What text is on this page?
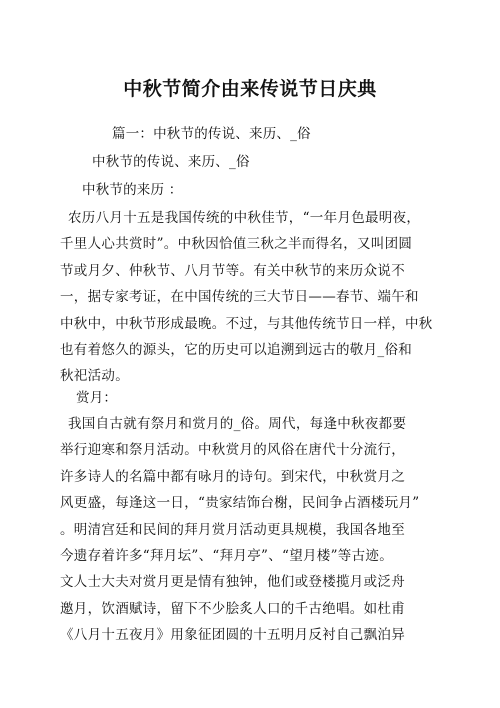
中秋节简介由来传说节日庆典
篇一：中秋节的传说、来历、_俗
中秋节的传说、来历、_俗
中秋节的来历 ：
农历八月十五是我国传统的中秋佳节，“一年月色最明夜，
千里人心共赏时”。中秋因恰值三秋之半而得名，又叫团圆
节或月夕、仲秋节、八月节等。有关中秋节的来历众说不
一，据专家考证，在中国传统的三大节日——春节、端午和
中秋中，中秋节形成最晚。不过，与其他传统节日一样，中秋
也有着悠久的源头，它的历史可以追溯到远古的敬月_俗和
秋祀活动。
赏月：
我国自古就有祭月和赏月的_俗。周代，每逢中秋夜都要
举行迎寒和祭月活动。中秋赏月的风俗在唐代十分流行，
许多诗人的名篇中都有咏月的诗句。到宋代，中秋赏月之
风更盛，每逢这一日，“贵家结饰台榭，民间争占酒楼玩月”
。明清宫廷和民间的拜月赏月活动更具规模，我国各地至
今遗存着许多“拜月坛”、“拜月亭”、“望月楼”等古迹。
文人士大夫对赏月更是情有独钟，他们或登楼揽月或泛舟
邀月，饮酒赋诗，留下不少脍炙人口的千古绝唱。如杜甫
《八月十五夜月》用象征团圆的十五明月反衬自己飘泊异
